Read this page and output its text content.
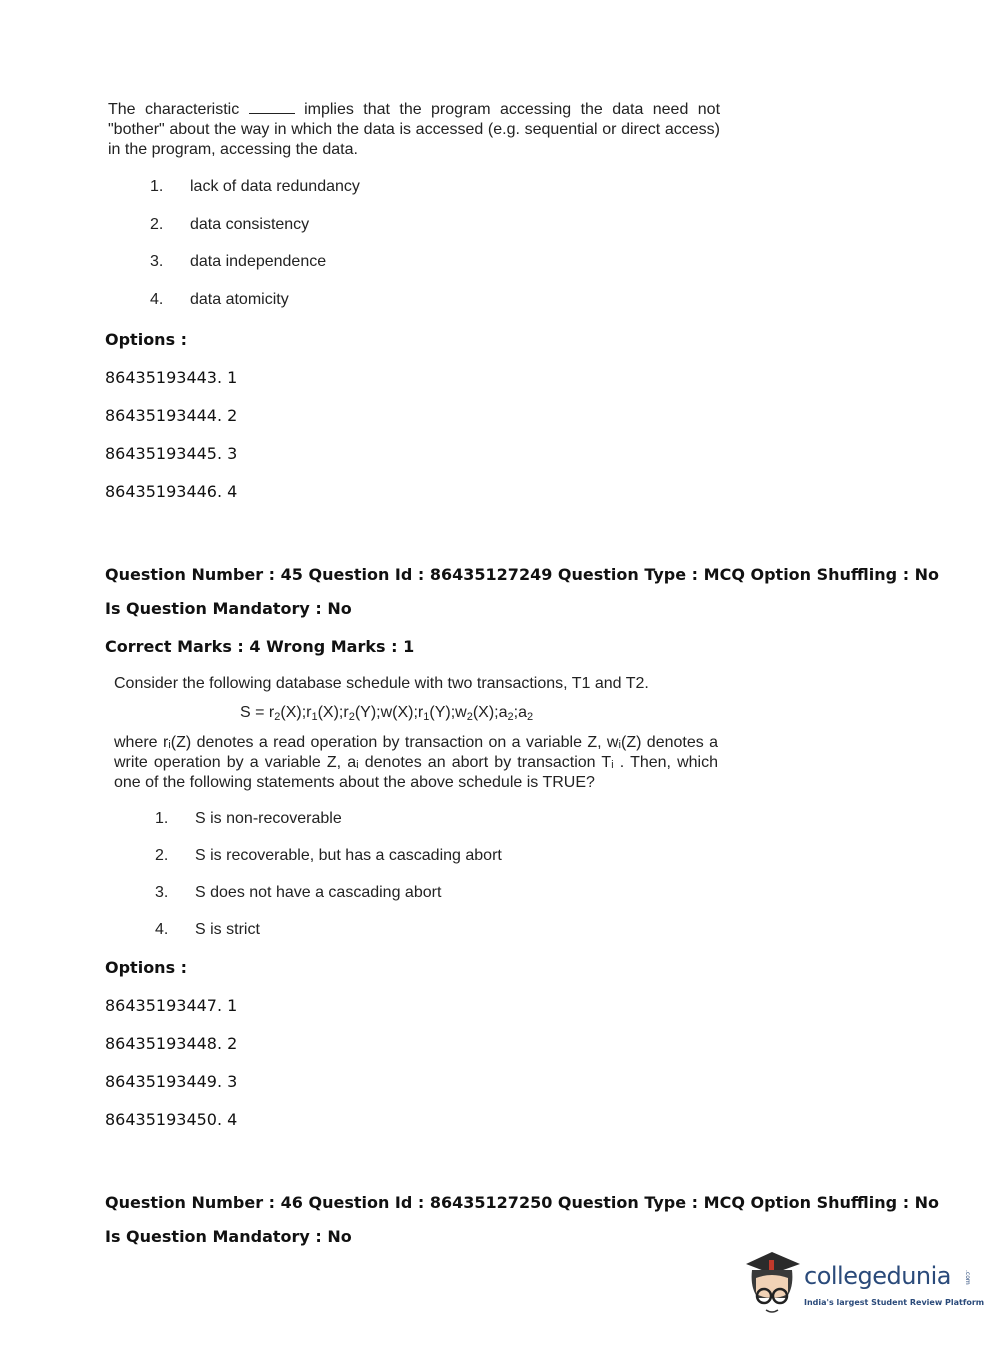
The characteristic	implies that the program accessing the data need not "bother" about the way in which the data is accessed (e.g. sequential or direct access) in the program, accessing the data.

1. lack of data redundancy
2. data consistency
3. data independence
4. data atomicity
Options :
86435193443. 1
86435193444. 2
86435193445. 3
86435193446. 4
Question Number : 45 Question Id : 86435127249 Question Type : MCQ Option Shuffling : No
Is Question Mandatory : No
Correct Marks : 4 Wrong Marks : 1

Consider the following database schedule with two transactions, T1 and T2.

$S = r_2(X);r_1(X);r_2(Y);w(X);r_1(Y);w_2(X);a_2;a_2$

where rᵢ(Z) denotes a read operation by transaction on a variable Z, wᵢ(Z) denotes a write operation by a variable Z, aᵢ denotes an abort by transaction Tᵢ . Then, which one of the following statements about the above schedule is TRUE?

1. S is non-recoverable
2. S is recoverable, but has a cascading abort
3. S does not have a cascading abort
4. S is strict
Options :
86435193447. 1
86435193448. 2
86435193449. 3
86435193450. 4
Question Number : 46 Question Id : 86435127250 Question Type : MCQ Option Shuffling : No
Is Question Mandatory : No
collegedunia .com
India's largest Student Review Platform
